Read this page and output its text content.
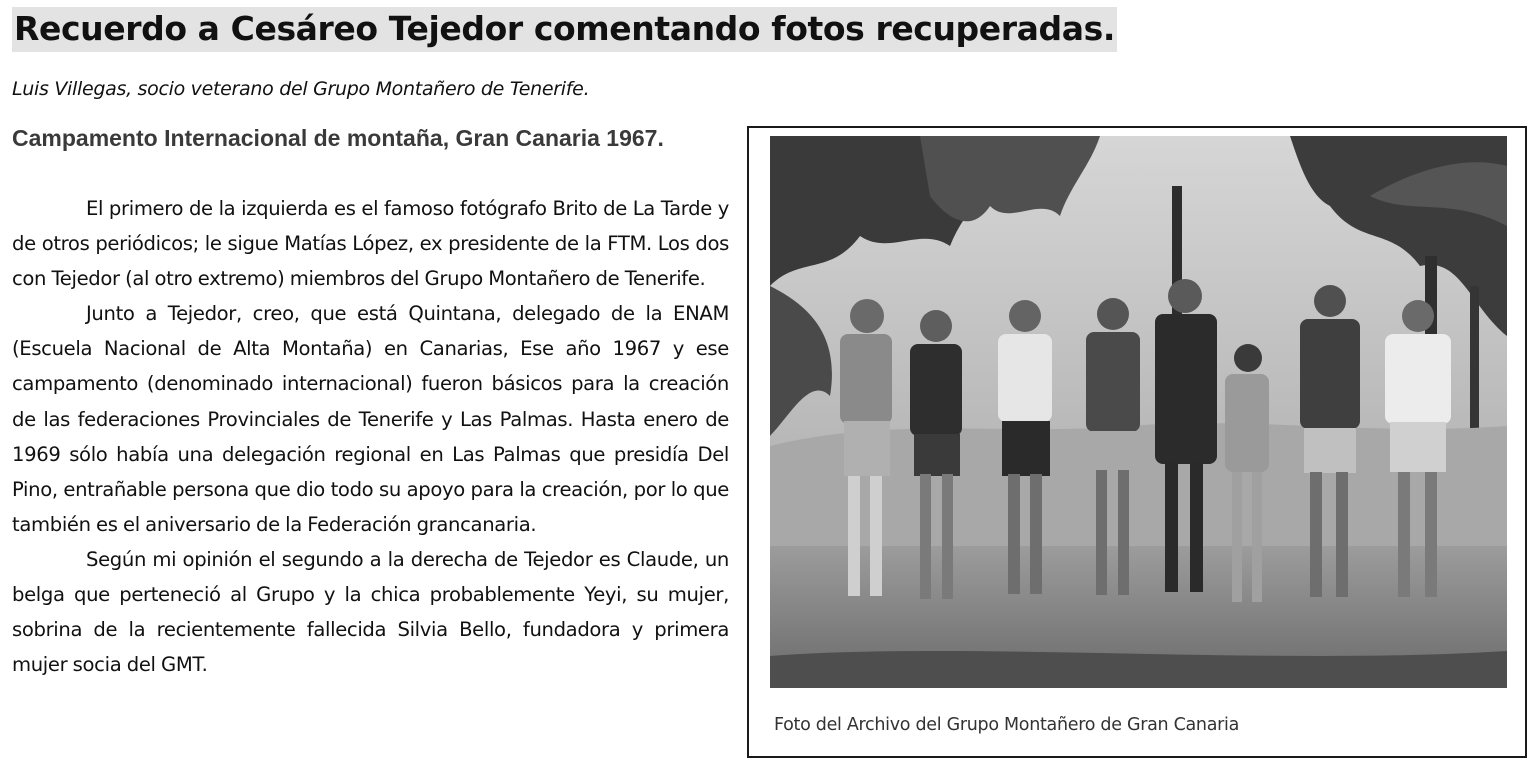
Recuerdo a Cesáreo Tejedor comentando fotos recuperadas.

Luis Villegas, socio veterano del Grupo Montañero de Tenerife.

Campamento Internacional de montaña, Gran Canaria 1967.

El primero de la izquierda es el famoso fotógrafo Brito de La Tarde y de otros periódicos; le sigue Matías López, ex presidente de la FTM. Los dos con Tejedor (al otro extremo) miembros del Grupo Montañero de Tenerife.

Junto a Tejedor, creo, que está Quintana, delegado de la ENAM (Escuela Nacional de Alta Montaña) en Canarias, Ese año 1967 y ese campamento (denominado internacional) fueron básicos para la creación de las federaciones Provinciales de Tenerife y Las Palmas. Hasta enero de 1969 sólo había una delegación regional en Las Palmas que presidía Del Pino, entrañable persona que dio todo su apoyo para la creación, por lo que también es el aniversario de la Federación grancanaria.

Según mi opinión el segundo a la derecha de Tejedor es Claude, un belga que perteneció al Grupo y la chica probablemente Yeyi, su mujer, sobrina de la recientemente fallecida Silvia Bello, fundadora y primera mujer socia del GMT.

Foto del Archivo del Grupo Montañero de Gran Canaria
